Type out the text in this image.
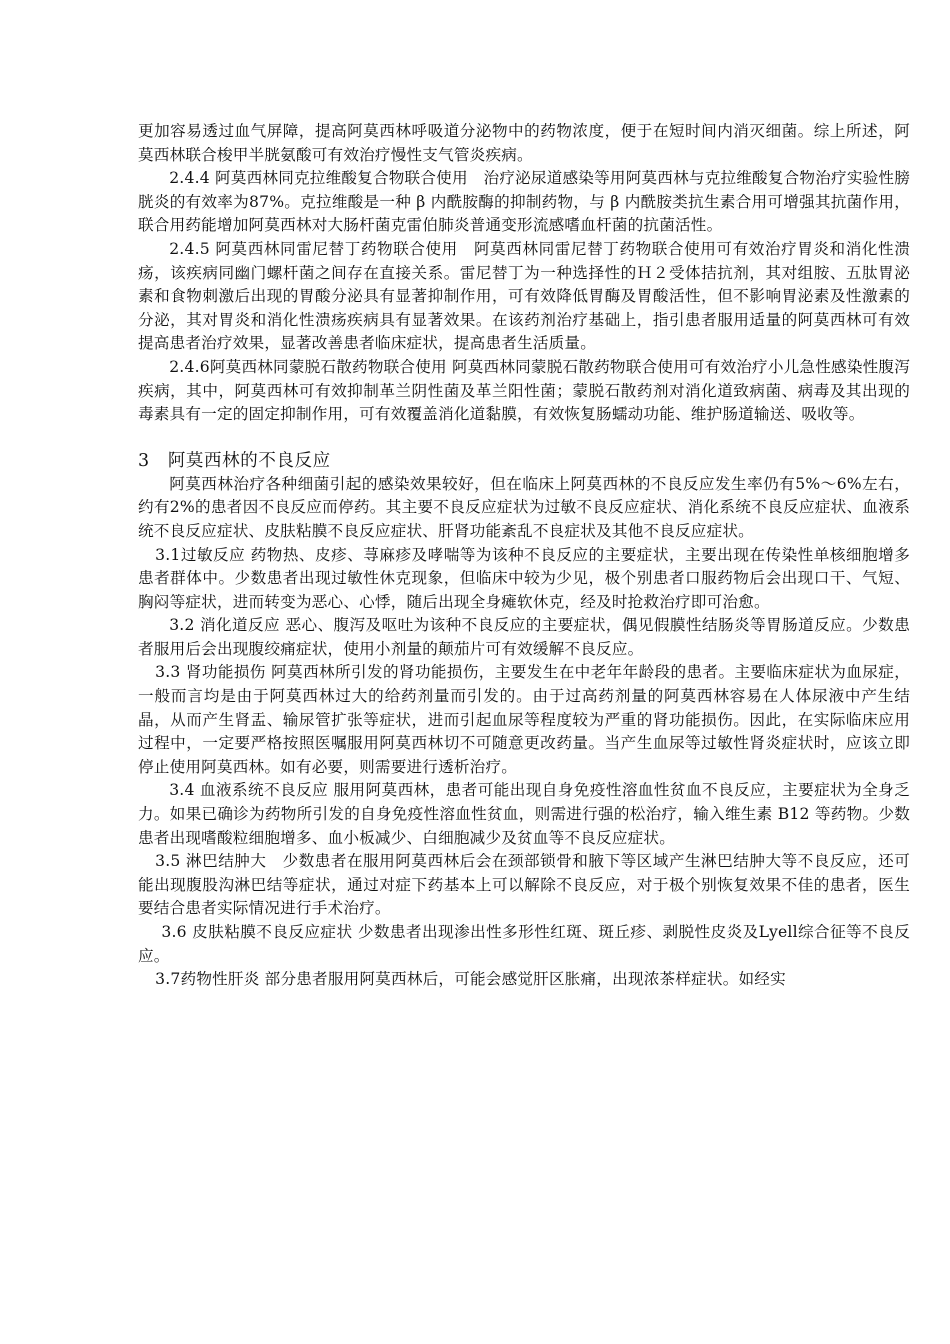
更加容易透过血气屏障，提高阿莫西林呼吸道分泌物中的药物浓度，便于在短时间内消灭细菌。综上所述，阿莫西林联合梭甲半胱氨酸可有效治疗慢性支气管炎疾病。

2.4.4 阿莫西林同克拉维酸复合物联合使用　治疗泌尿道感染等用阿莫西林与克拉维酸复合物治疗实验性膀胱炎的有效率为87%。克拉维酸是一种 β 内酰胺酶的抑制药物，与 β 内酰胺类抗生素合用可增强其抗菌作用，联合用药能增加阿莫西林对大肠杆菌克雷伯肺炎普通变形流感嗜血杆菌的抗菌活性。

2.4.5 阿莫西林同雷尼替丁药物联合使用　阿莫西林同雷尼替丁药物联合使用可有效治疗胃炎和消化性溃疡，该疾病同幽门螺杆菌之间存在直接关系。雷尼替丁为一种选择性的Ｈ２受体拮抗剂，其对组胺、五肽胃泌素和食物刺激后出现的胃酸分泌具有显著抑制作用，可有效降低胃酶及胃酸活性，但不影响胃泌素及性激素的分泌，其对胃炎和消化性溃疡疾病具有显著效果。在该药剂治疗基础上，指引患者服用适量的阿莫西林可有效提高患者治疗效果，显著改善患者临床症状，提高患者生活质量。

2.4.6阿莫西林同蒙脱石散药物联合使用 阿莫西林同蒙脱石散药物联合使用可有效治疗小儿急性感染性腹泻疾病，其中，阿莫西林可有效抑制革兰阴性菌及革兰阳性菌；蒙脱石散药剂对消化道致病菌、病毒及其出现的毒素具有一定的固定抑制作用，可有效覆盖消化道黏膜，有效恢复肠蠕动功能、维护肠道输送、吸收等。

3　阿莫西林的不良反应

阿莫西林治疗各种细菌引起的感染效果较好，但在临床上阿莫西林的不良反应发生率仍有5%～6%左右，约有2%的患者因不良反应而停药。其主要不良反应症状为过敏不良反应症状、消化系统不良反应症状、血液系统不良反应症状、皮肤粘膜不良反应症状、肝肾功能紊乱不良症状及其他不良反应症状。

3.1过敏反应 药物热、皮疹、荨麻疹及哮喘等为该种不良反应的主要症状，主要出现在传染性单核细胞增多患者群体中。少数患者出现过敏性休克现象，但临床中较为少见，极个别患者口服药物后会出现口干、气短、胸闷等症状，进而转变为恶心、心悸，随后出现全身瘫软休克，经及时抢救治疗即可治愈。

3.2 消化道反应 恶心、腹泻及呕吐为该种不良反应的主要症状，偶见假膜性结肠炎等胃肠道反应。少数患者服用后会出现腹绞痛症状，使用小剂量的颠茄片可有效缓解不良反应。

3.3 肾功能损伤 阿莫西林所引发的肾功能损伤，主要发生在中老年年龄段的患者。主要临床症状为血尿症，一般而言均是由于阿莫西林过大的给药剂量而引发的。由于过高药剂量的阿莫西林容易在人体尿液中产生结晶，从而产生肾盂、输尿管扩张等症状，进而引起血尿等程度较为严重的肾功能损伤。因此，在实际临床应用过程中，一定要严格按照医嘱服用阿莫西林切不可随意更改药量。当产生血尿等过敏性肾炎症状时，应该立即停止使用阿莫西林。如有必要，则需要进行透析治疗。

3.4 血液系统不良反应 服用阿莫西林，患者可能出现自身免疫性溶血性贫血不良反应，主要症状为全身乏力。如果已确诊为药物所引发的自身免疫性溶血性贫血，则需进行强的松治疗，输入维生素 B12 等药物。少数患者出现嗜酸粒细胞增多、血小板减少、白细胞减少及贫血等不良反应症状。

3.5 淋巴结肿大　少数患者在服用阿莫西林后会在颈部锁骨和腋下等区域产生淋巴结肿大等不良反应，还可能出现腹股沟淋巴结等症状，通过对症下药基本上可以解除不良反应，对于极个别恢复效果不佳的患者，医生要结合患者实际情况进行手术治疗。

3.6 皮肤粘膜不良反应症状 少数患者出现渗出性多形性红斑、斑丘疹、剥脱性皮炎及Lyell综合征等不良反应。

3.7药物性肝炎 部分患者服用阿莫西林后，可能会感觉肝区胀痛，出现浓茶样症状。如经实
